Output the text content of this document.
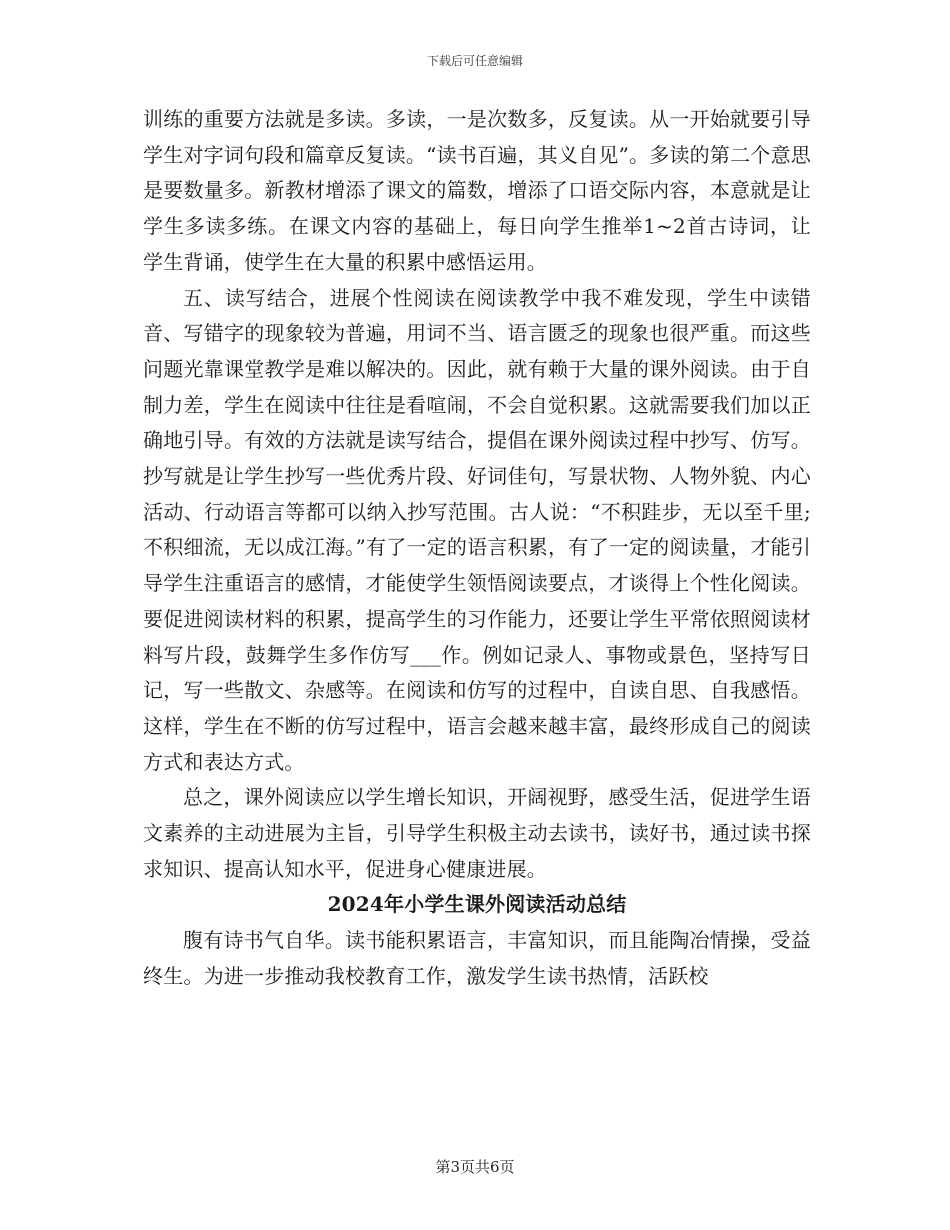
下载后可任意编辑

训练的重要方法就是多读。多读，一是次数多，反复读。从一开始就要引导学生对字词句段和篇章反复读。“读书百遍，其义自见”。多读的第二个意思是要数量多。新教材增添了课文的篇数，增添了口语交际内容，本意就是让学生多读多练。在课文内容的基础上，每日向学生推举1~2首古诗词，让学生背诵，使学生在大量的积累中感悟运用。

五、读写结合，进展个性阅读在阅读教学中我不难发现，学生中读错音、写错字的现象较为普遍，用词不当、语言匮乏的现象也很严重。而这些问题光靠课堂教学是难以解决的。因此，就有赖于大量的课外阅读。由于自制力差，学生在阅读中往往是看喧闹，不会自觉积累。这就需要我们加以正确地引导。有效的方法就是读写结合，提倡在课外阅读过程中抄写、仿写。抄写就是让学生抄写一些优秀片段、好词佳句，写景状物、人物外貌、内心活动、行动语言等都可以纳入抄写范围。古人说：“不积跬步，无以至千里;不积细流，无以成江海。”有了一定的语言积累，有了一定的阅读量，才能引导学生注重语言的感情，才能使学生领悟阅读要点，才谈得上个性化阅读。要促进阅读材料的积累，提高学生的习作能力，还要让学生平常依照阅读材料写片段，鼓舞学生多作仿写___作。例如记录人、事物或景色，坚持写日记，写一些散文、杂感等。在阅读和仿写的过程中，自读自思、自我感悟。这样，学生在不断的仿写过程中，语言会越来越丰富，最终形成自己的阅读方式和表达方式。

总之，课外阅读应以学生增长知识，开阔视野，感受生活，促进学生语文素养的主动进展为主旨，引导学生积极主动去读书，读好书，通过读书探求知识、提高认知水平，促进身心健康进展。

2024年小学生课外阅读活动总结

腹有诗书气自华。读书能积累语言，丰富知识，而且能陶冶情操，受益终生。为进一步推动我校教育工作，激发学生读书热情，活跃校

第3页共6页
